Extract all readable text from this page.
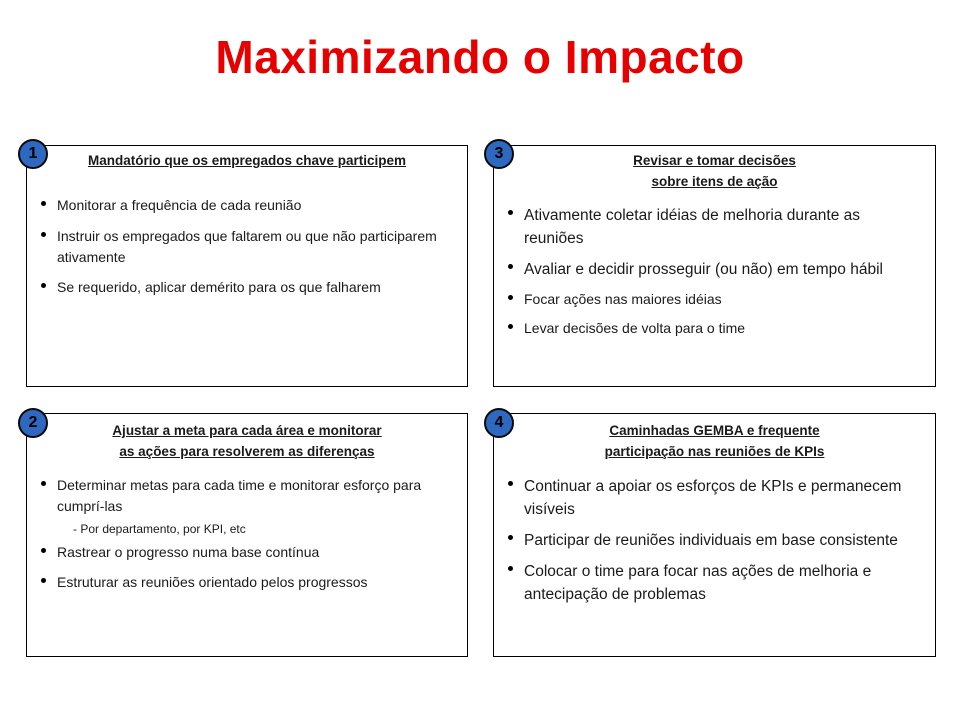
Maximizando o Impacto
Mandatório que os empregados chave participem
Monitorar a frequência de cada reunião
Instruir os empregados que faltarem ou que não participarem ativamente
Se requerido, aplicar demérito para os que falharem
1	Revisar e tomar decisões
sobre itens de ação
Ativamente coletar idéias de melhoria durante as reuniões
Avaliar e decidir prosseguir (ou não) em tempo hábil
Focar ações nas maiores idéias
Levar decisões de volta para o time
3
Ajustar a meta para cada área e monitorar
as ações para resolverem as diferenças
Determinar metas para cada time e monitorar esforço para cumprí-las
- Por departamento, por KPI, etc
Rastrear o progresso numa base contínua
Estruturar as reuniões orientado pelos progressos
2	Caminhadas GEMBA e frequente
participação nas reuniões de KPIs
Continuar a apoiar os esforços de KPIs e permanecem visíveis
Participar de reuniões individuais em base consistente
Colocar o time para focar nas ações de melhoria e antecipação de problemas
4
